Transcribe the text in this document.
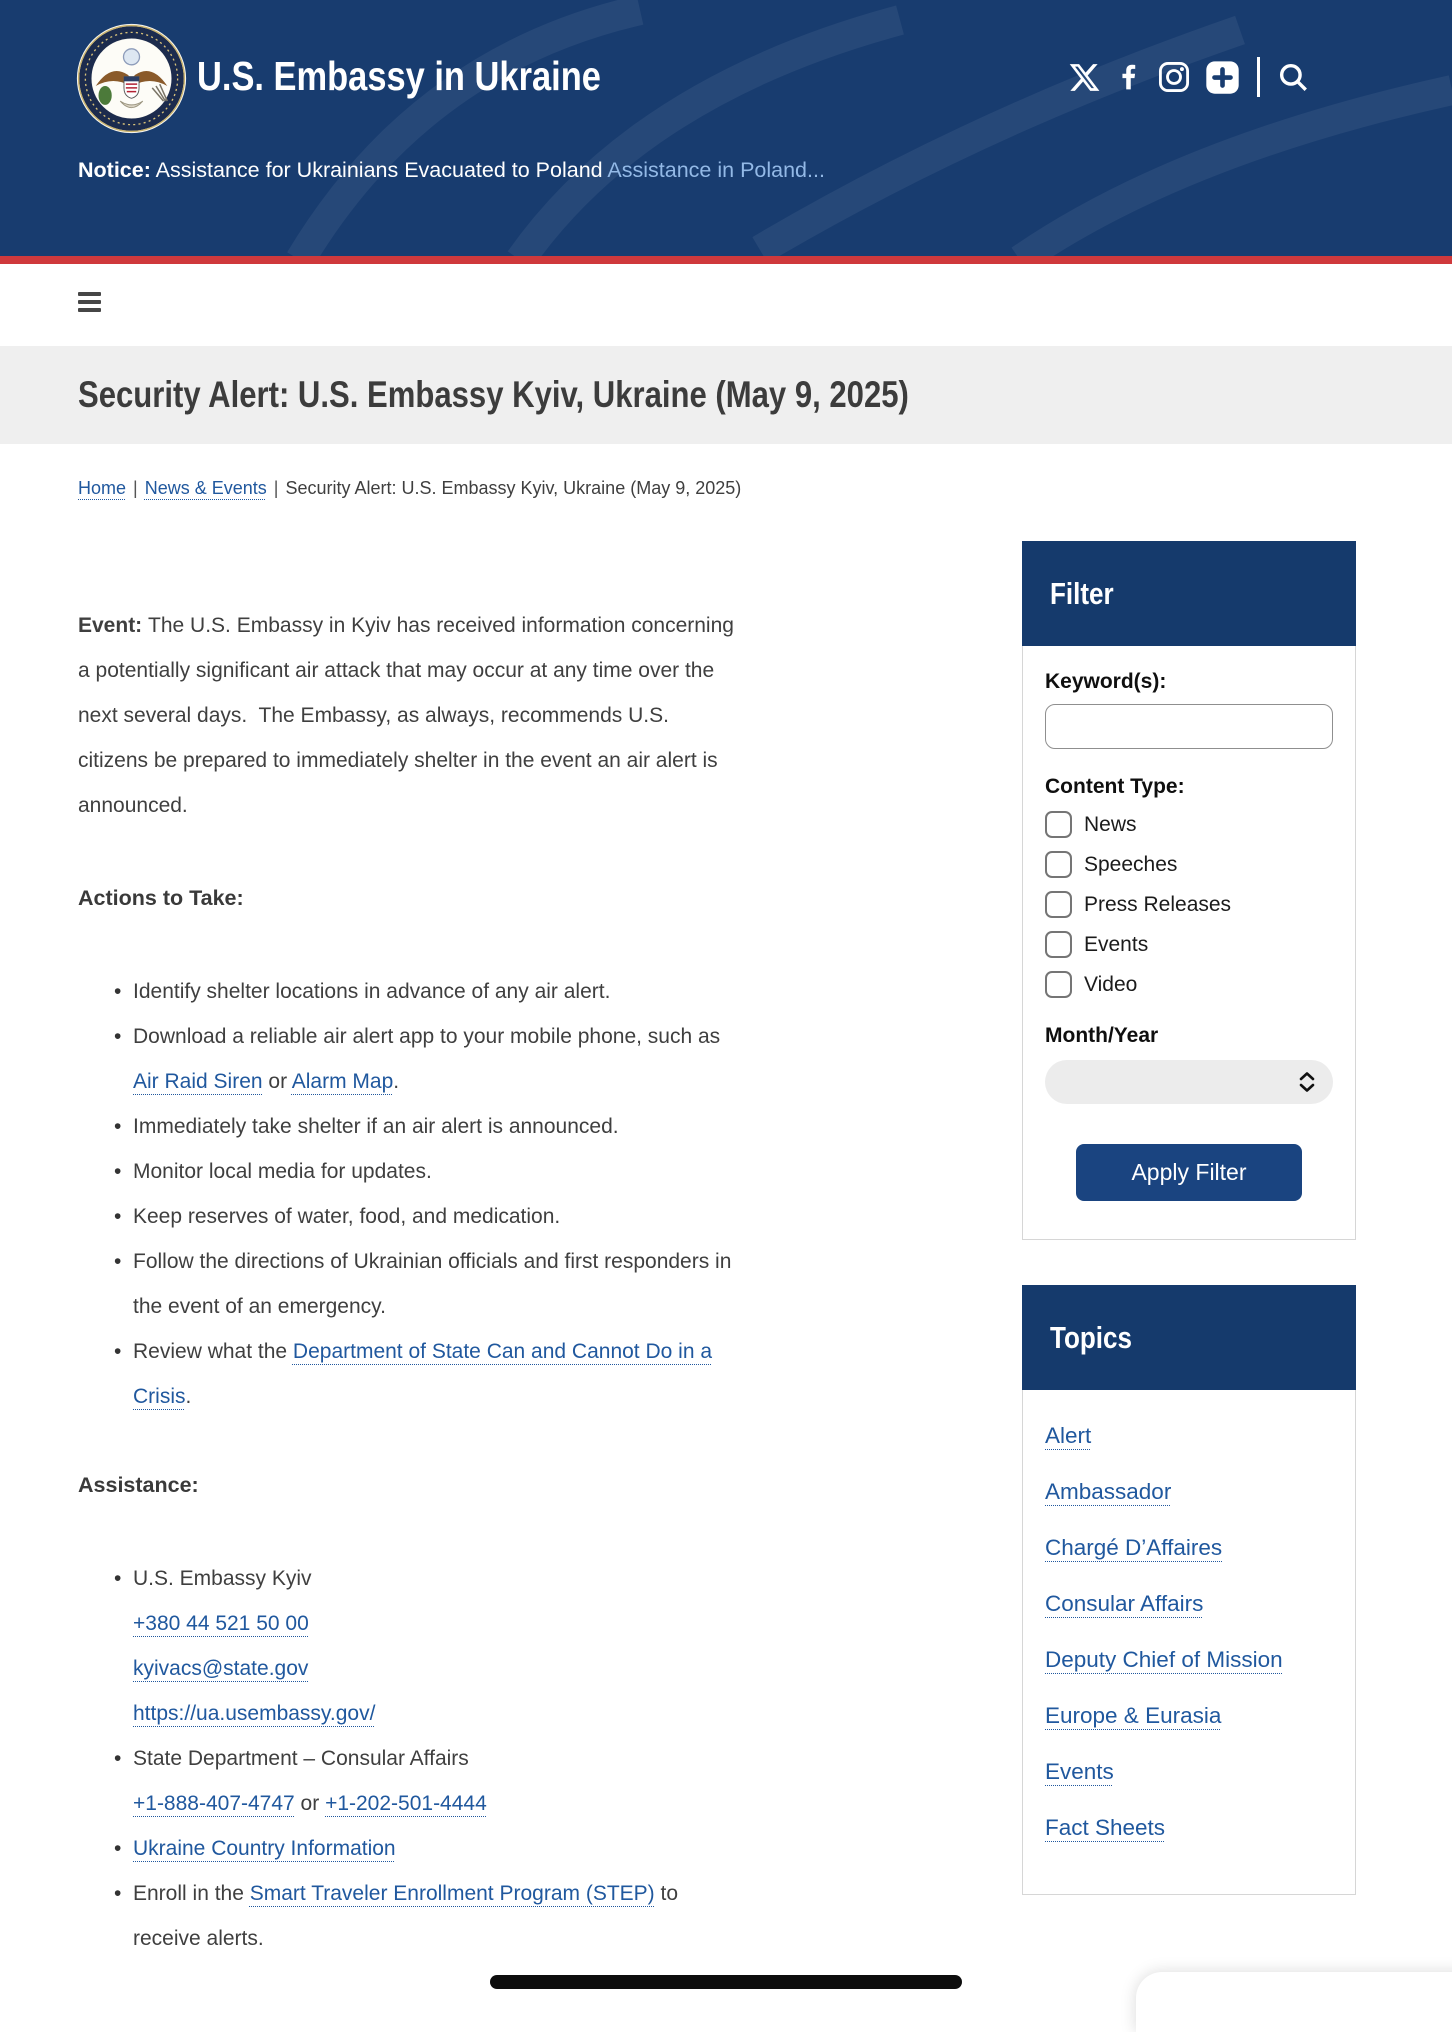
U.S. Embassy in Ukraine
Notice: Assistance for Ukrainians Evacuated to Poland Assistance in Poland...
Security Alert: U.S. Embassy Kyiv, Ukraine (May 9, 2025)
Home | News & Events | Security Alert: U.S. Embassy Kyiv, Ukraine (May 9, 2025)

Event: The U.S. Embassy in Kyiv has received information concerning a potentially significant air attack that may occur at any time over the next several days.  The Embassy, as always, recommends U.S. citizens be prepared to immediately shelter in the event an air alert is announced.

Actions to Take:
• Identify shelter locations in advance of any air alert.
• Download a reliable air alert app to your mobile phone, such as Air Raid Siren or Alarm Map.
• Immediately take shelter if an air alert is announced.
• Monitor local media for updates.
• Keep reserves of water, food, and medication.
• Follow the directions of Ukrainian officials and first responders in the event of an emergency.
• Review what the Department of State Can and Cannot Do in a Crisis.
Assistance:
• U.S. Embassy Kyiv
+380 44 521 50 00
kyivacs@state.gov
https://ua.usembassy.gov/
• State Department – Consular Affairs
+1-888-407-4747 or +1-202-501-4444
• Ukraine Country Information
• Enroll in the Smart Traveler Enrollment Program (STEP) to receive alerts.
Filter
Keyword(s):
Content Type:
News
Speeches
Press Releases
Events
Video
Month/Year
Apply Filter
Topics
Alert
Ambassador
Chargé D’Affaires
Consular Affairs
Deputy Chief of Mission
Europe & Eurasia
Events
Fact Sheets
